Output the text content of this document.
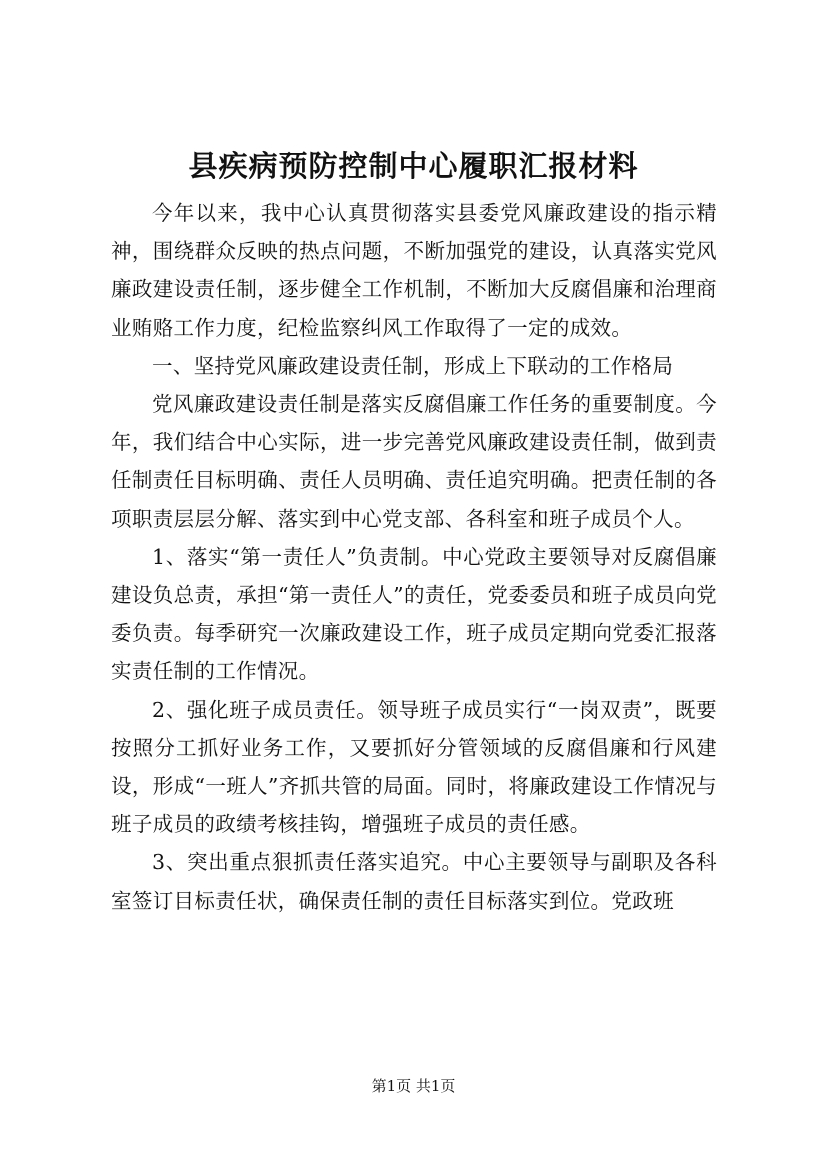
县疾病预防控制中心履职汇报材料

今年以来，我中心认真贯彻落实县委党风廉政建设的指示精神，围绕群众反映的热点问题，不断加强党的建设，认真落实党风廉政建设责任制，逐步健全工作机制，不断加大反腐倡廉和治理商业贿赂工作力度，纪检监察纠风工作取得了一定的成效。

一、坚持党风廉政建设责任制，形成上下联动的工作格局

党风廉政建设责任制是落实反腐倡廉工作任务的重要制度。今年，我们结合中心实际，进一步完善党风廉政建设责任制，做到责任制责任目标明确、责任人员明确、责任追究明确。把责任制的各项职责层层分解、落实到中心党支部、各科室和班子成员个人。

1、落实“第一责任人”负责制。中心党政主要领导对反腐倡廉建设负总责，承担“第一责任人”的责任，党委委员和班子成员向党委负责。每季研究一次廉政建设工作，班子成员定期向党委汇报落实责任制的工作情况。

2、强化班子成员责任。领导班子成员实行“一岗双责”，既要按照分工抓好业务工作，又要抓好分管领域的反腐倡廉和行风建设，形成“一班人”齐抓共管的局面。同时，将廉政建设工作情况与班子成员的政绩考核挂钩，增强班子成员的责任感。

3、突出重点狠抓责任落实追究。中心主要领导与副职及各科室签订目标责任状，确保责任制的责任目标落实到位。党政班

第1页 共1页
